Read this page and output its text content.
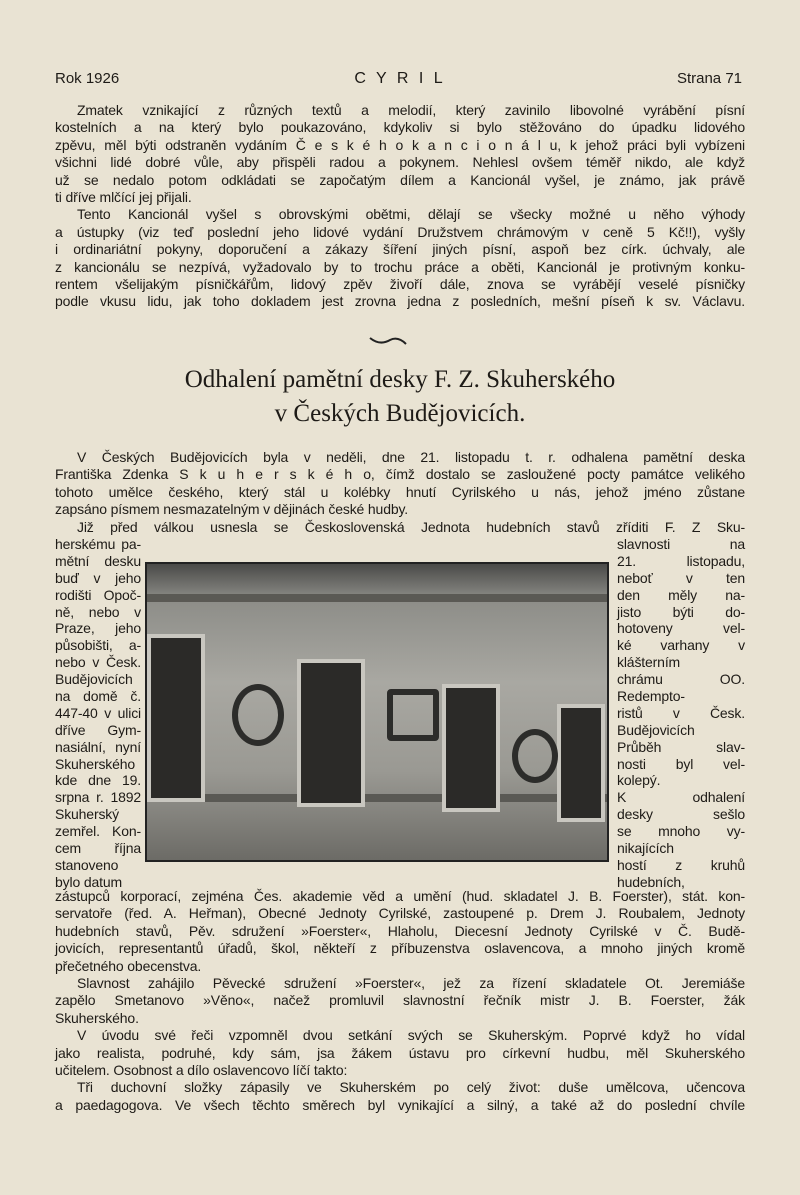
Rok 1926	C Y R I L	Strana 71
Zmatek vznikající z různých textů a melodií, který zavinilo libovolné vyrábění písní
kostelních a na který bylo poukazováno, kdykoliv si bylo stěžováno do úpadku lidového
zpěvu, měl býti odstraněn vydáním Č e s k é h o k a n c i o n á l u, k jehož práci byli vybízeni
všichni lidé dobré vůle, aby přispěli radou a pokynem. Nehlesl ovšem téměř nikdo, ale když
už se nedalo potom odkládati se započatým dílem a Kancionál vyšel, je známo, jak právě
ti dříve mlčící jej přijali.
Tento Kancionál vyšel s obrovskými obětmi, dělají se všecky možné u něho výhody
a ústupky (viz teď poslední jeho lidové vydání Družstvem chrámovým v ceně 5 Kč!!), vyšly
i ordinariátní pokyny, doporučení a zákazy šíření jiných písní, aspoň bez círk. úchvaly, ale
z kancionálu se nezpívá, vyžadovalo by to trochu práce a oběti, Kancionál je protivným konku-
rentem všelijakým písničkářům, lidový zpěv živoří dále, znova se vyrábějí veselé písničky
podle vkusu lidu, jak toho dokladem jest zrovna jedna z posledních, mešní píseň k sv. Václavu.
Odhalení pamětní desky F. Z. Skuherského
v Českých Budějovicích.
V Českých Budějovicích byla v neděli, dne 21. listopadu t. r. odhalena pamětní deska
Františka Zdenka S k u h e r s k é h o, čímž dostalo se zasloužené pocty památce velikého
tohoto umělce českého, který stál u kolébky hnutí Cyrilského u nás, jehož jméno zůstane
zapsáno písmem nesmazatelným v dějinách české hudby.
Již před válkou usnesla se Československá Jednota hudebních stavů zříditi F. Z Sku-
herskému pa-
mětní desku
buď v jeho
rodišti Opoč-
ně, nebo v
Praze, jeho
působišti, a-
nebo v Česk.
Budějovicích
na domě č.
447-40 v ulici
dříve Gym-
nasiální, nyní
Skuherského
kde dne 19.
srpna r. 1892
Skuherský
zemřel. Kon-
cem října
stanoveno
bylo datum
slavnosti na
21. listopadu,
neboť v ten
den měly na-
jisto býti do-
hotoveny vel-
ké varhany v
klášterním
chrámu OO.
Redempto-
ristů v Česk.
Budějovicích
Průběh slav-
nosti byl vel-
kolepý.
K odhalení
desky sešlo
se mnoho vy-
nikajících
hostí z kruhů
hudebních,
zástupců korporací, zejména Čes. akademie věd a umění (hud. skladatel J. B. Foerster), stát. kon-
servatoře (řed. A. Heřman), Obecné Jednoty Cyrilské, zastoupené p. Drem J. Roubalem, Jednoty
hudebních stavů, Pěv. sdružení »Foerster«, Hlaholu, Diecesní Jednoty Cyrilské v Č. Budě-
jovicích, representantů úřadů, škol, někteří z příbuzenstva oslavencova, a mnoho jiných kromě
přečetného obecenstva.
Slavnost zahájilo Pěvecké sdružení »Foerster«, jež za řízení skladatele Ot. Jeremiáše
zapělo Smetanovo »Věno«, načež promluvil slavnostní řečník mistr J. B. Foerster, žák
Skuherského.
V úvodu své řeči vzpomněl dvou setkání svých se Skuherským. Poprvé když ho vídal
jako realista, podruhé, kdy sám, jsa žákem ústavu pro církevní hudbu, měl Skuherského
učitelem. Osobnost a dílo oslavencovo líčí takto:
Tři duchovní složky zápasily ve Skuherském po celý život: duše umělcova, učencova
a paedagogova. Ve všech těchto směrech byl vynikající a silný, a také až do poslední chvíle
